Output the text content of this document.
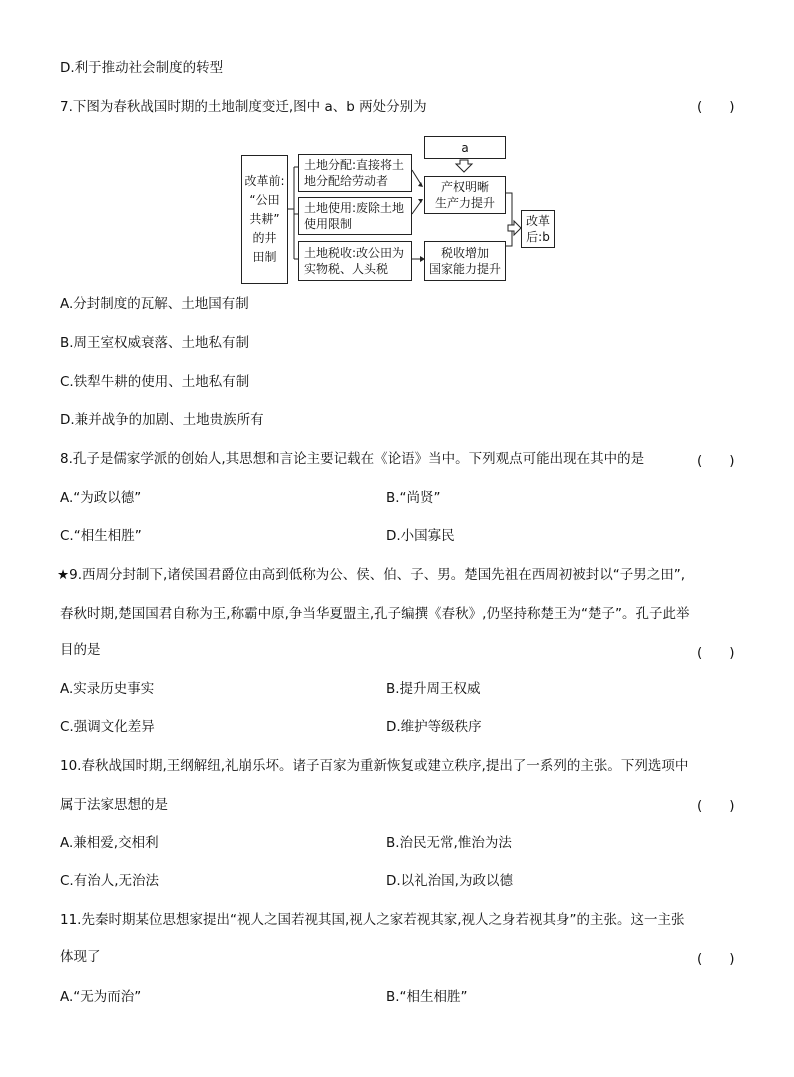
D.利于推动社会制度的转型
7.下图为春秋战国时期的土地制度变迁,图中 a、b 两处分别为	(　　)
改革前:
“公田
共耕”
的井
田制
土地分配:直接将土
地分配给劳动者
土地使用:废除土地
使用限制
土地税收:改公田为
实物税、人头税
a
产权明晰
生产力提升
税收增加
国家能力提升
改革
后:b
A.分封制度的瓦解、土地国有制
B.周王室权威衰落、土地私有制
C.铁犁牛耕的使用、土地私有制
D.兼并战争的加剧、土地贵族所有
8.孔子是儒家学派的创始人,其思想和言论主要记载在《论语》当中。下列观点可能出现在其中的是	(　　)
A.“为政以德”	B.“尚贤”
C.“相生相胜”	D.小国寡民
★9.西周分封制下,诸侯国君爵位由高到低称为公、侯、伯、子、男。楚国先祖在西周初被封以“子男之田”,
春秋时期,楚国国君自称为王,称霸中原,争当华夏盟主,孔子编撰《春秋》,仍坚持称楚王为“楚子”。孔子此举
目的是	(　　)
A.实录历史事实	B.提升周王权威
C.强调文化差异	D.维护等级秩序
10.春秋战国时期,王纲解纽,礼崩乐坏。诸子百家为重新恢复或建立秩序,提出了一系列的主张。下列选项中
属于法家思想的是	(　　)
A.兼相爱,交相利	B.治民无常,惟治为法
C.有治人,无治法	D.以礼治国,为政以德
11.先秦时期某位思想家提出“视人之国若视其国,视人之家若视其家,视人之身若视其身”的主张。这一主张
体现了	(　　)
A.“无为而治”	B.“相生相胜”
